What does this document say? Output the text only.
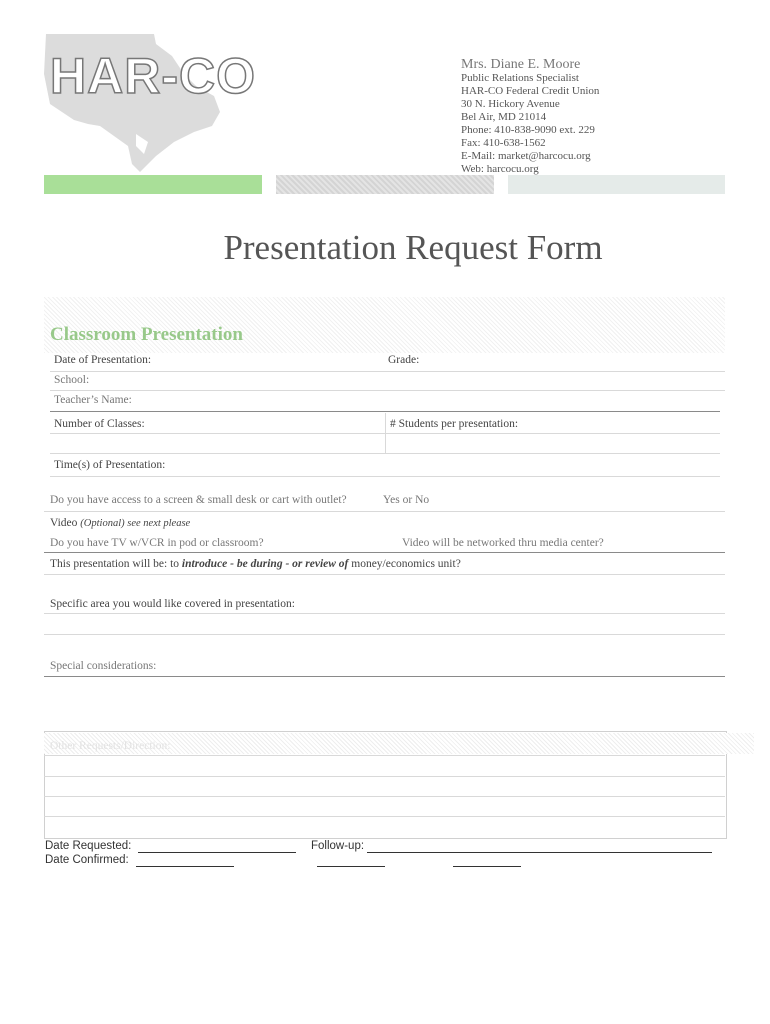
HAR-CO	Mrs. Diane E. Moore
Public Relations Specialist
HAR-CO Federal Credit Union
30 N. Hickory Avenue
Bel Air, MD 21014
Phone: 410-838-9090 ext. 229
Fax: 410-638-1562
E-Mail: market@harcocu.org
Web: harcocu.org
Presentation Request Form
Classroom Presentation
Date of Presentation:	Grade:
School:
Teacher’s Name:
Number of Classes:	# Students per presentation:
Time(s) of Presentation:
Do you have access to a screen & small desk or cart with outlet?	Yes or No
Video (Optional) see next please
Do you have TV w/VCR in pod or classroom?	Video will be networked thru media center?
This presentation will be: to introduce - be during - or review of money/economics unit?
Specific area you would like covered in presentation:
Special considerations:
Other Requests/Direction:
Date Requested:	Follow-up:
Date Confirmed:
